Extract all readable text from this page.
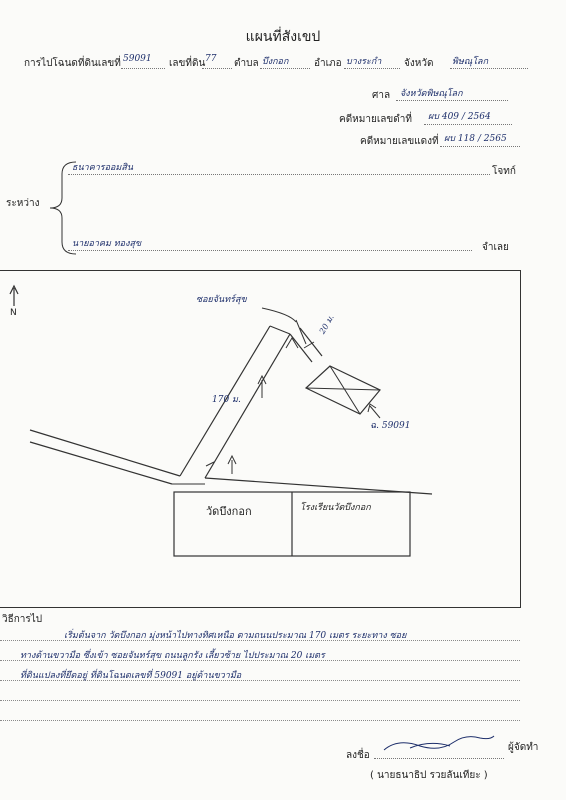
แผนที่สังเขป
การไปโฉนดที่ดินเลขที่ 59091 เลขที่ดิน 77 ตำบล บึงกอก	อำเภอ บางระกำ จังหวัด พิษณุโลก
ศาล จังหวัดพิษณุโลก
คดีหมายเลขดำที่ ผบ 409 / 2564
คดีหมายเลขแดงที่ ผบ 118 / 2565
ระหว่าง
ธนาคารออมสิน	โจทก์
นายอาคม ทองสุข	จำเลย
N
ซอยจันทร์สุข
170 ม.
20 ม.
ฉ. 59091
วัดบึงกอก	โรงเรียนวัดบึงกอก
วิธีการไป
เริ่มต้นจาก วัดบึงกอก มุ่งหน้าไปทางทิศเหนือ ตามถนนประมาณ 170 เมตร ระยะทาง ซอย
ทางด้านขวามือ ซึ่งเข้า ซอยจันทร์สุข ถนนลูกรัง เลี้ยวซ้าย ไปประมาณ 20 เมตร
ที่ดินแปลงที่ยึดอยู่ ที่ดินโฉนดเลขที่ 59091 อยู่ด้านขวามือ
ลงชื่อ
ผู้จัดทำ
( นายธนาธิป รวยลันเทียะ )
